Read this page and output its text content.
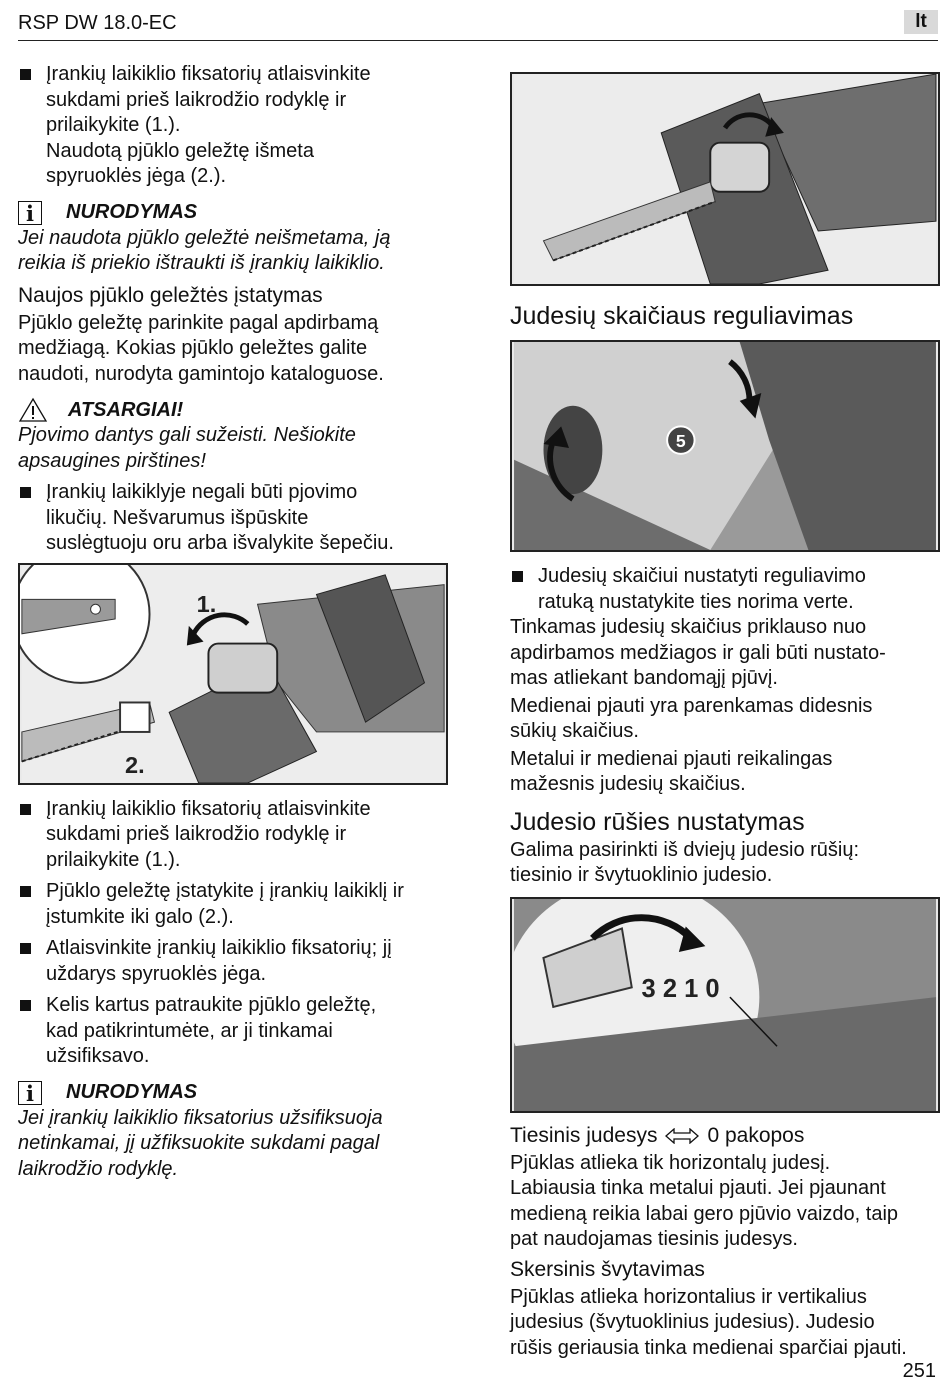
RSP DW 18.0-EC	lt
Įrankių laikiklio fiksatorių atlaisvinkite
sukdami prieš laikrodžio rodyklę ir
prilaikykite (1.).

Naudotą pjūklo geležtę išmeta

spyruoklės jėga (2.).

i	NURODYMAS

Jei naudota pjūklo geležtė neišmetama, ją

reikia iš priekio ištraukti iš įrankių laikiklio.

Naujos pjūklo geležtės įstatymas

Pjūklo geležtę parinkite pagal apdirbamą

medžiagą. Kokias pjūklo geležtes galite

naudoti, nurodyta gamintojo kataloguose.

ATSARGIAI!

Pjovimo dantys gali sužeisti. Nešiokite

apsaugines pirštines!

Įrankių laikiklyje negali būti pjovimo
likučių. Nešvarumus išpūskite
suslėgtuoju oru arba išvalykite šepečiu.
1.
2.
Įrankių laikiklio fiksatorių atlaisvinkite
sukdami prieš laikrodžio rodyklę ir
prilaikykite (1.).
Pjūklo geležtę įstatykite į įrankių laikiklį ir
įstumkite iki galo (2.).
Atlaisvinkite įrankių laikiklio fiksatorių; jį
uždarys spyruoklės jėga.
Kelis kartus patraukite pjūklo geležtę,
kad patikrintumėte, ar ji tinkamai
užsifiksavo.
i	NURODYMAS

Jei įrankių laikiklio fiksatorius užsifiksuoja

netinkamai, jį užfiksuokite sukdami pagal

laikrodžio rodyklę.

Judesių skaičiaus reguliavimas
5
Judesių skaičiui nustatyti reguliavimo
ratuką nustatykite ties norima verte.

Tinkamas judesių skaičius priklauso nuo

apdirbamos medžiagos ir gali būti nustato-

mas atliekant bandomąjį pjūvį.

Medienai pjauti yra parenkamas didesnis

sūkių skaičius.

Metalui ir medienai pjauti reikalingas

mažesnis judesių skaičius.

Judesio rūšies nustatymas

Galima pasirinkti iš dviejų judesio rūšių:

tiesinio ir švytuoklinio judesio.

3 2 1 0
Tiesinis judesys 0 pakopos

Pjūklas atlieka tik horizontalų judesį.

Labiausia tinka metalui pjauti. Jei pjaunant

medieną reikia labai gero pjūvio vaizdo, taip

pat naudojamas tiesinis judesys.

Skersinis švytavimas

Pjūklas atlieka horizontalius ir vertikalius

judesius (švytuoklinius judesius). Judesio

rūšis geriausia tinka medienai sparčiai pjauti.

251
